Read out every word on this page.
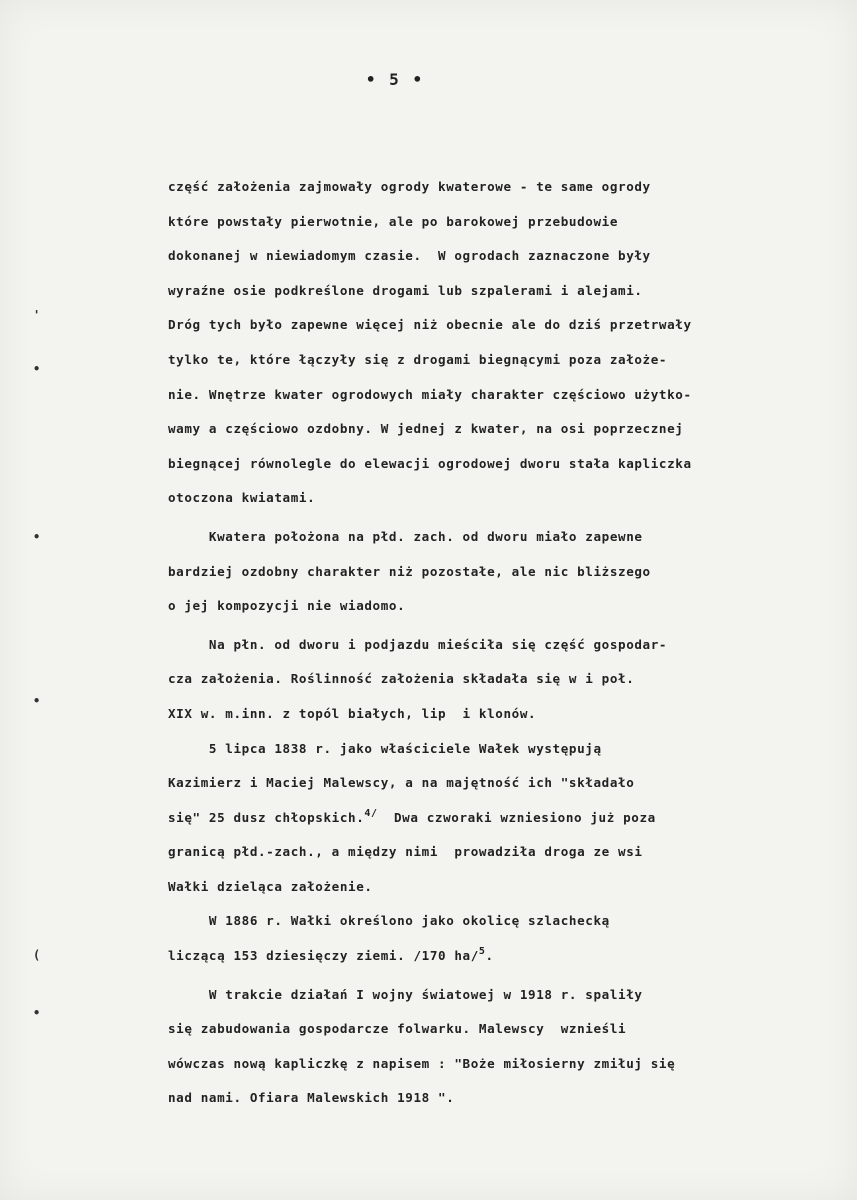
• 5 •
'
•
•
•
(
•
część założenia zajmowały ogrody kwaterowe - te same ogrody
które powstały pierwotnie, ale po barokowej przebudowie
dokonanej w niewiadomym czasie.  W ogrodach zaznaczone były
wyraźne osie podkreślone drogami lub szpalerami i alejami.
Dróg tych było zapewne więcej niż obecnie ale do dziś przetrwały
tylko te, które łączyły się z drogami biegnącymi poza założe-
nie. Wnętrze kwater ogrodowych miały charakter częściowo użytko-
wamy a częściowo ozdobny. W jednej z kwater, na osi poprzecznej
biegnącej równolegle do elewacji ogrodowej dworu stała kapliczka
otoczona kwiatami.
Kwatera położona na płd. zach. od dworu miało zapewne
bardziej ozdobny charakter niż pozostałe, ale nic bliższego
o jej kompozycji nie wiadomo.
Na płn. od dworu i podjazdu mieściła się część gospodar-
cza założenia. Roślinność założenia składała się w i poł.
XIX w. m.inn. z topól białych, lip  i klonów.
5 lipca 1838 r. jako właściciele Wałek występują
Kazimierz i Maciej Malewscy, a na majętność ich "składało
się" 25 dusz chłopskich.$^{4/}$  Dwa czworaki wzniesiono już poza
granicą płd.-zach., a między nimi  prowadziła droga ze wsi
Wałki dzieląca założenie.
W 1886 r. Wałki określono jako okolicę szlachecką
liczącą 153 dziesięczy ziemi. /170 ha/$^5$.
W trakcie działań I wojny światowej w 1918 r. spaliły
się zabudowania gospodarcze folwarku. Malewscy  wznieśli
wówczas nową kapliczkę z napisem : "Boże miłosierny zmiłuj się
nad nami. Ofiara Malewskich 1918 ".
